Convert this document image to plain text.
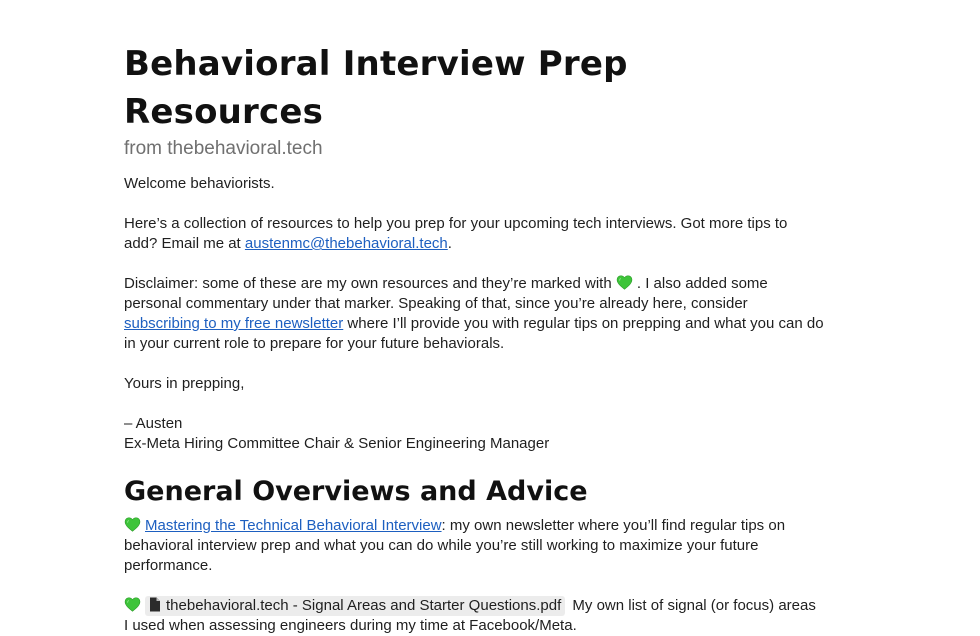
Behavioral Interview Prep Resources
from thebehavioral.tech

Welcome behaviorists.

Here’s a collection of resources to help you prep for your upcoming tech interviews. Got more tips to add? Email me at austenmc@thebehavioral.tech.

Disclaimer: some of these are my own resources and they’re marked with
. I also added some personal commentary under that marker. Speaking of that, since you’re already here, consider subscribing to my free newsletter where I’ll provide you with regular tips on prepping and what you can do in your current role to prepare for your future behaviorals.

Yours in prepping,

– Austen

Ex-Meta Hiring Committee Chair & Senior Engineering Manager

General Overviews and Advice

Mastering the Technical Behavioral Interview: my own newsletter where you’ll find regular tips on behavioral interview prep and what you can do while you’re still working to maximize your future performance.

thebehavioral.tech - Signal Areas and Starter Questions.pdf My own list of signal (or focus) areas I used when assessing engineers during my time at Facebook/Meta.
